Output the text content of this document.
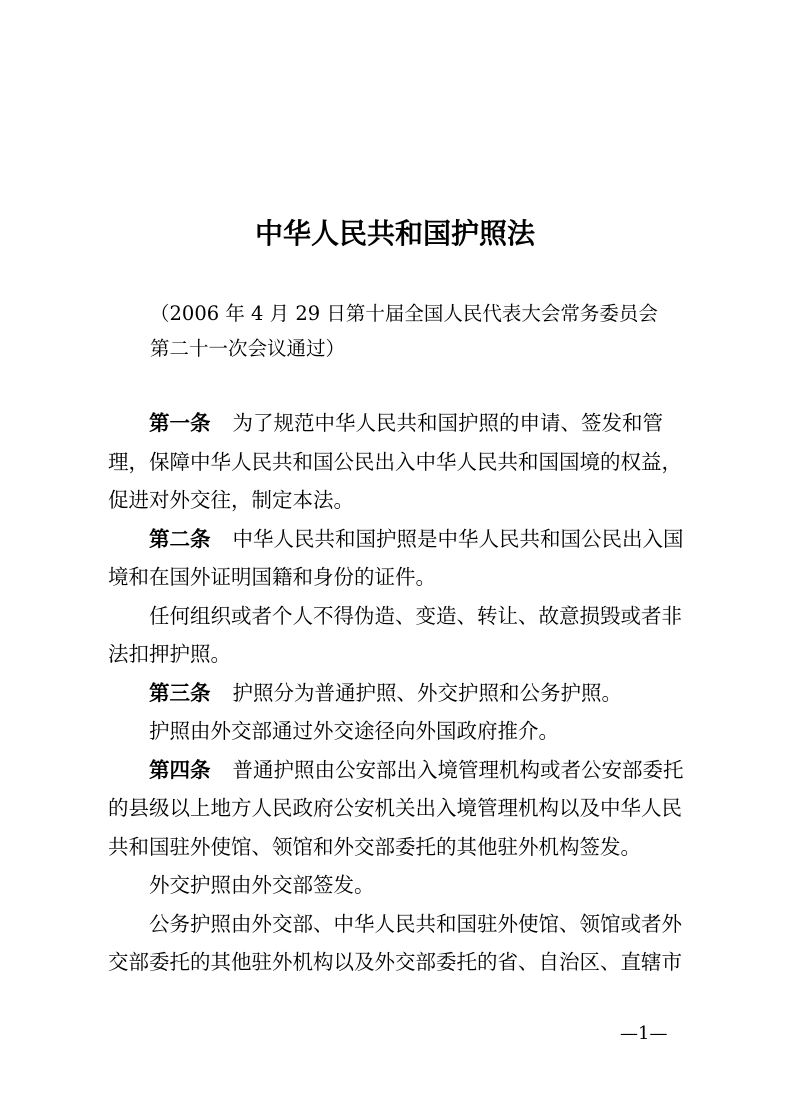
中华人民共和国护照法

（2006 年 4 月 29 日第十届全国人民代表大会常务委员会第二十一次会议通过）

第一条 为了规范中华人民共和国护照的申请、签发和管理，保障中华人民共和国公民出入中华人民共和国国境的权益，促进对外交往，制定本法。

第二条 中华人民共和国护照是中华人民共和国公民出入国境和在国外证明国籍和身份的证件。

任何组织或者个人不得伪造、变造、转让、故意损毁或者非法扣押护照。

第三条 护照分为普通护照、外交护照和公务护照。

护照由外交部通过外交途径向外国政府推介。

第四条 普通护照由公安部出入境管理机构或者公安部委托的县级以上地方人民政府公安机关出入境管理机构以及中华人民共和国驻外使馆、领馆和外交部委托的其他驻外机构签发。

外交护照由外交部签发。

公务护照由外交部、中华人民共和国驻外使馆、领馆或者外交部委托的其他驻外机构以及外交部委托的省、自治区、直辖市

—1—
